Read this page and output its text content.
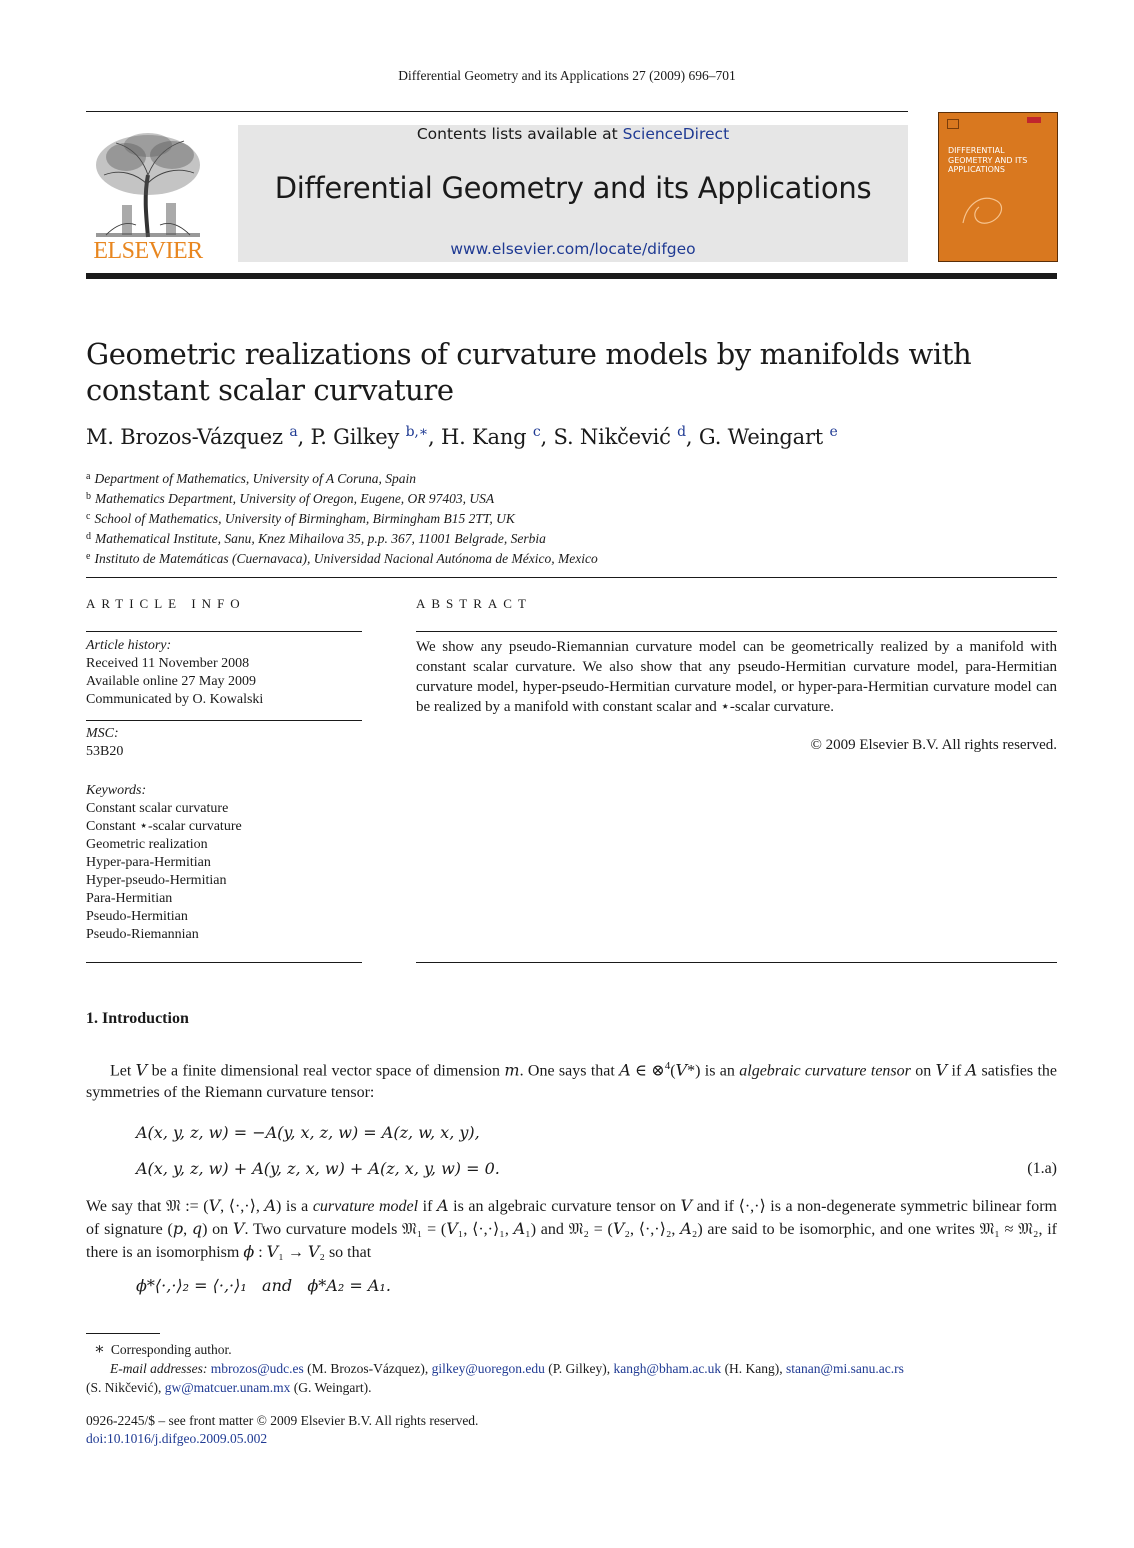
Differential Geometry and its Applications 27 (2009) 696–701
ELSEVIER
Contents lists available at ScienceDirect
Differential Geometry and its Applications
www.elsevier.com/locate/difgeo
DIFFERENTIAL GEOMETRY AND ITS APPLICATIONS
Geometric realizations of curvature models by manifolds with constant scalar curvature
M. Brozos-Vázquez $^a$, P. Gilkey $^{b,∗}$, H. Kang $^c$, S. Nikčević $^d$, G. Weingart $^e$
$^a$ Department of Mathematics, University of A Coruna, Spain
$^b$ Mathematics Department, University of Oregon, Eugene, OR 97403, USA
$^c$ School of Mathematics, University of Birmingham, Birmingham B15 2TT, UK
$^d$ Mathematical Institute, Sanu, Knez Mihailova 35, p.p. 367, 11001 Belgrade, Serbia
$^e$ Instituto de Matemáticas (Cuernavaca), Universidad Nacional Autónoma de México, Mexico
ARTICLE INFO	ABSTRACT
Article history:
Received 11 November 2008
Available online 27 May 2009
Communicated by O. Kowalski
MSC:
53B20
Keywords:
Constant scalar curvature
Constant ⋆-scalar curvature
Geometric realization
Hyper-para-Hermitian
Hyper-pseudo-Hermitian
Para-Hermitian
Pseudo-Hermitian
Pseudo-Riemannian
We show any pseudo-Riemannian curvature model can be geometrically realized by a manifold with constant scalar curvature. We also show that any pseudo-Hermitian curvature model, para-Hermitian curvature model, hyper-pseudo-Hermitian curvature model, or hyper-para-Hermitian curvature model can be realized by a manifold with constant scalar and ⋆-scalar curvature.
© 2009 Elsevier B.V. All rights reserved.
1. Introduction
Let V be a finite dimensional real vector space of dimension m. One says that A ∈ ⊗$^4$(V*) is an algebraic curvature tensor on V if A satisfies the symmetries of the Riemann curvature tensor:
A(x, y, z, w) = −A(y, x, z, w) = A(z, w, x, y),
A(x, y, z, w) + A(y, z, x, w) + A(z, x, y, w) = 0.	(1.a)
We say that 𝔐 := (V, ⟨·,·⟩, A) is a curvature model if A is an algebraic curvature tensor on V and if ⟨·,·⟩ is a non-degenerate symmetric bilinear form of signature (p, q) on V. Two curvature models 𝔐₁ = (V₁, ⟨·,·⟩₁, A₁) and 𝔐₂ = (V₂, ⟨·,·⟩₂, A₂) are said to be isomorphic, and one writes 𝔐₁ ≈ 𝔐₂, if there is an isomorphism ϕ : V₁ → V₂ so that
ϕ*⟨·,·⟩₂ = ⟨·,·⟩₁   and   ϕ*A₂ = A₁.
∗ Corresponding author.
E-mail addresses: mbrozos@udc.es (M. Brozos-Vázquez), gilkey@uoregon.edu (P. Gilkey), kangh@bham.ac.uk (H. Kang), stanan@mi.sanu.ac.rs
(S. Nikčević), gw@matcuer.unam.mx (G. Weingart).
0926-2245/$ – see front matter © 2009 Elsevier B.V. All rights reserved.
doi:10.1016/j.difgeo.2009.05.002
